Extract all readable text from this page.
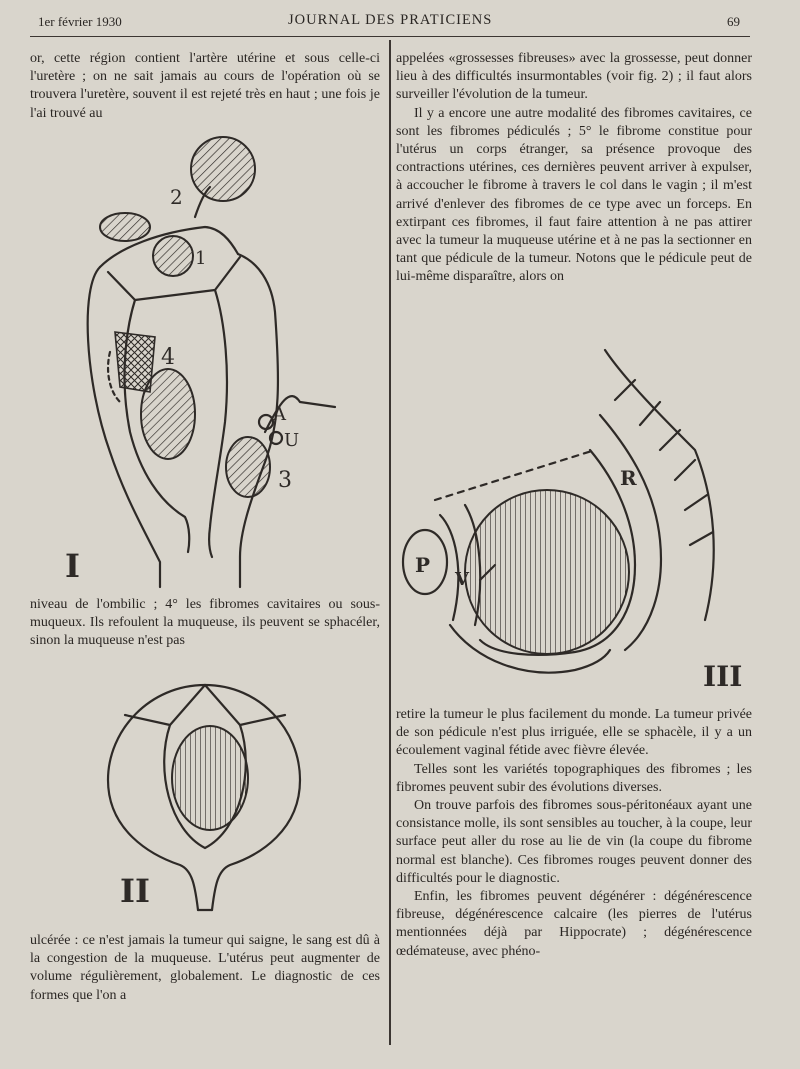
1er février 1930	JOURNAL DES PRATICIENS	69

or, cette région contient l'artère utérine et sous celle-ci l'uretère ; on ne sait jamais au cours de l'opération où se trouvera l'uretère, souvent il est rejeté très en haut ; une fois je l'ai trouvé au

niveau de l'ombilic ; 4° les fibromes cavitaires ou sous-muqueux. Ils refoulent la muqueuse, ils peuvent se sphacéler, sinon la muqueuse n'est pas

ulcérée : ce n'est jamais la tumeur qui saigne, le sang est dû à la congestion de la muqueuse. L'utérus peut augmenter de volume régulièrement, globalement. Le diagnostic de ces formes que l'on a

appelées «grossesses fibreuses» avec la grossesse, peut donner lieu à des difficultés insurmontables (voir fig. 2) ; il faut alors surveiller l'évolution de la tumeur.

Il y a encore une autre modalité des fibromes cavitaires, ce sont les fibromes pédiculés ; 5° le fibrome constitue pour l'utérus un corps étranger, sa présence provoque des contractions utérines, ces dernières peuvent arriver à expulser, à accoucher le fibrome à travers le col dans le vagin ; il m'est arrivé d'enlever des fibromes de ce type avec un forceps. En extirpant ces fibromes, il faut faire attention à ne pas attirer avec la tumeur la muqueuse utérine et à ne pas la sectionner en tant que pédicule de la tumeur. Notons que le pédicule peut de lui-même disparaître, alors on

retire la tumeur le plus facilement du monde. La tumeur privée de son pédicule n'est plus irriguée, elle se sphacèle, il y a un écoulement vaginal fétide avec fièvre élevée.

Telles sont les variétés topographiques des fibromes ; les fibromes peuvent subir des évolutions diverses.

On trouve parfois des fibromes sous-péritonéaux ayant une consistance molle, ils sont sensibles au toucher, à la coupe, leur surface peut aller du rose au lie de vin (la coupe du fibrome normal est blanche). Ces fibromes rouges peuvent donner des difficultés pour le diagnostic.

Enfin, les fibromes peuvent dégénérer : dégénérescence fibreuse, dégénérescence calcaire (les pierres de l'utérus mentionnées déjà par Hippocrate) ; dégénérescence œdémateuse, avec phéno-

2
1
4
3
A
U
I
II
P
V
R
III
